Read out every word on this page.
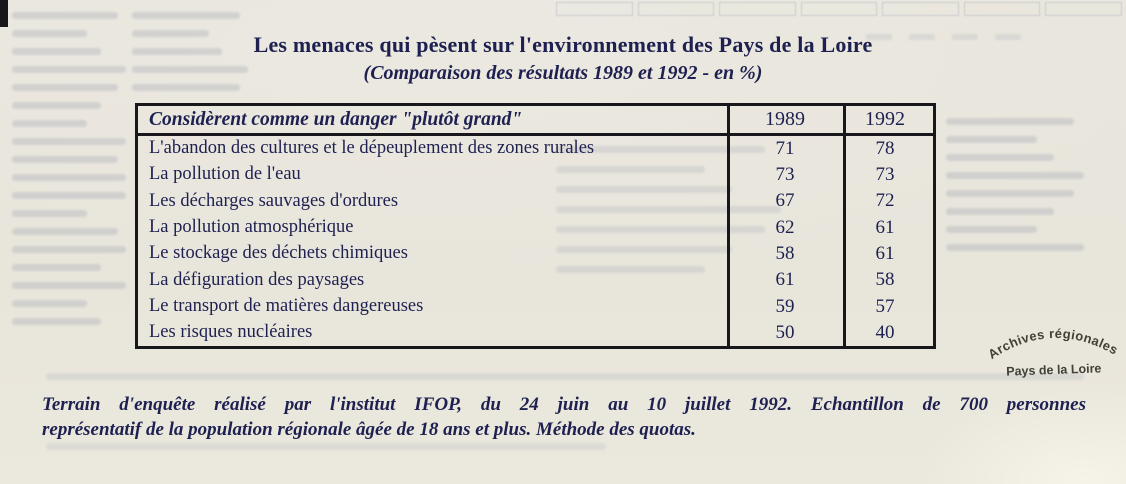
Les menaces qui pèsent sur l'environnement des Pays de la Loire
(Comparaison des résultats 1989 et 1992 - en %)
Considèrent comme un danger "plutôt grand"	1989	1992
L'abandon des cultures et le dépeuplement des zones rurales	71	78
La pollution de l'eau	73	73
Les décharges sauvages d'ordures	67	72
La pollution atmosphérique	62	61
Le stockage des déchets chimiques	58	61
La défiguration des paysages	61	58
Le transport de matières dangereuses	59	57
Les risques nucléaires	50	40
Archives régionales
Pays de la Loire
Terrain d'enquête réalisé par l'institut IFOP, du 24 juin au 10 juillet 1992. Echantillon de 700 personnes
représentatif de la population régionale âgée de 18 ans et plus. Méthode des quotas.
